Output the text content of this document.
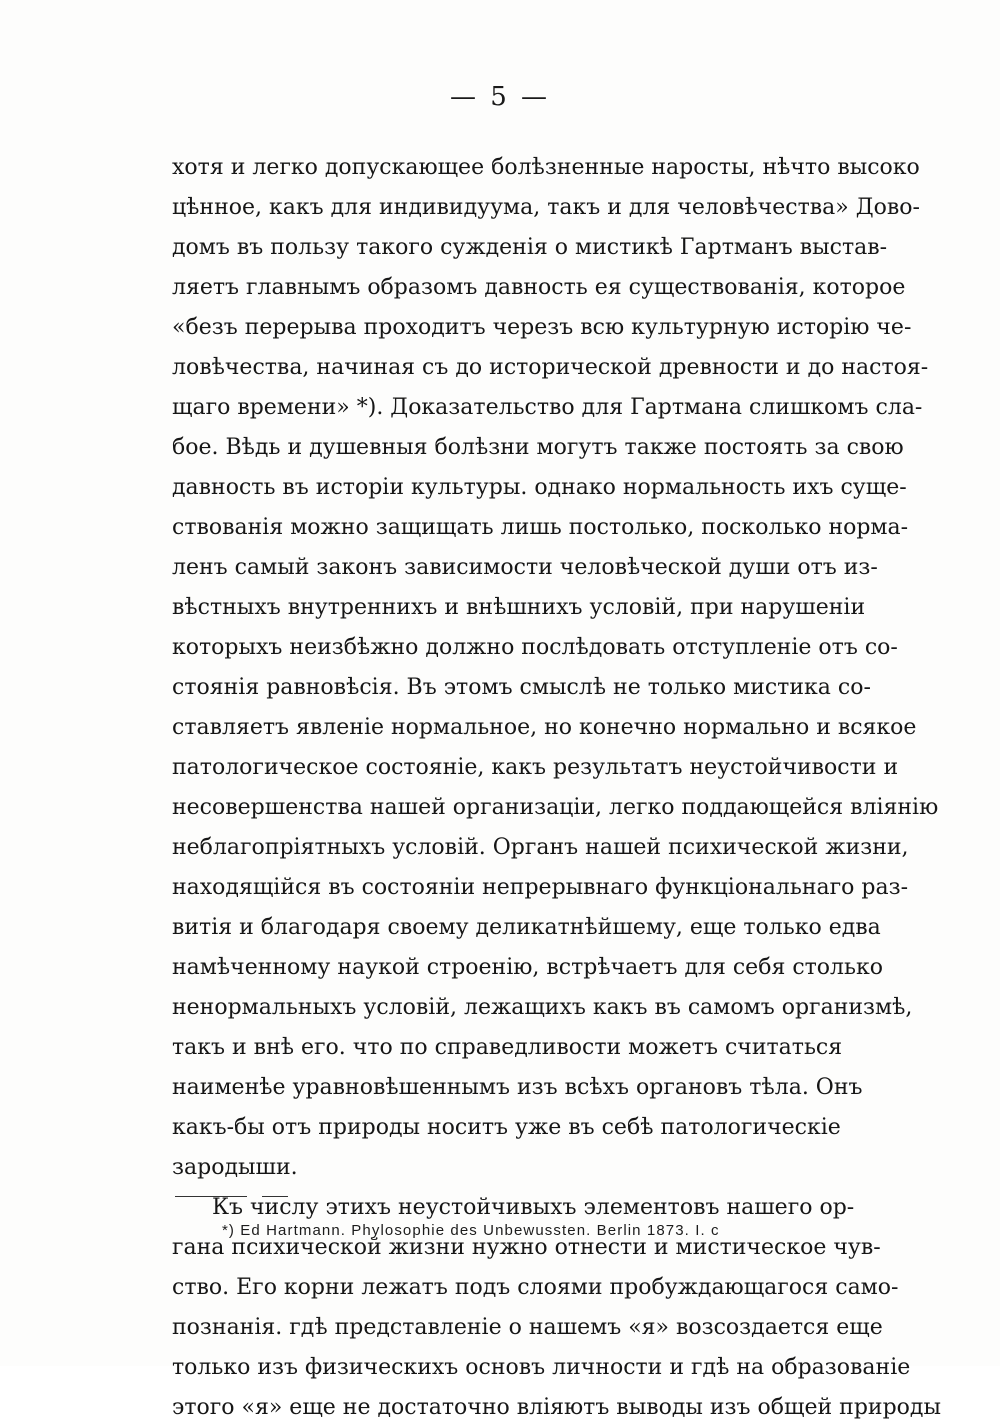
— 5 —
хотя и легко допускающее болѣзненные наросты, нѣчто высоко
цѣнное, какъ для индивидуума, такъ и для человѣчества» Дово-
домъ въ пользу такого сужденія о мистикѣ Гартманъ выстав-
ляетъ главнымъ образомъ давность ея существованія, которое
«безъ перерыва проходитъ черезъ всю культурную исторію че-
ловѣчества, начиная съ до исторической древности и до настоя-
щаго времени» *). Доказательство для Гартмана слишкомъ сла-
бое. Вѣдь и душевныя болѣзни могутъ также постоять за свою
давность въ исторіи культуры. однако нормальность ихъ суще-
ствованія можно защищать лишь постолько, посколько нормa-
ленъ самый законъ зависимости человѣческой души отъ из-
вѣстныхъ внутреннихъ и внѣшнихъ условій, при нарушеніи
которыхъ неизбѣжно должно послѣдовать отступленіе отъ со-
стоянія равновѣсія. Въ этомъ смыслѣ не только мистика со-
ставляетъ явленіе нормальное, но конечно нормально и всякое
патологическое состояніе, какъ результатъ неустойчивости и
несовершенства нашей организаціи, легко поддающейся вліянію
неблагопріятныхъ условій. Органъ нашей психической жизни,
находящійся въ состояніи непрерывнаго функціональнаго раз-
витія и благодаря своему деликатнѣйшему, еще только едва
намѣченному наукой строенію, встрѣчаетъ для себя столько
ненормальныхъ условій, лежащихъ какъ въ самомъ организмѣ,
такъ и внѣ его. что по справедливости можетъ считаться
наименѣе уравновѣшеннымъ изъ всѣхъ органовъ тѣла. Онъ
какъ-бы отъ природы носитъ уже въ себѣ патологическіе
зародыши.
Къ числу этихъ неустойчивыхъ элементовъ нашего ор-
гана психической жизни нужно отнести и мистическое чув-
ство. Его корни лежатъ подъ слоями пробуждающагося само-
познанія. гдѣ представленіе о нашемъ «я» возсоздается еще
только изъ физическихъ основъ личности и гдѣ на образованіе
этого «я» еще не достаточно вліяютъ выводы изъ общей природы
*) Ed Hartmann. Phylosophie des Unbewussten. Berlin 1873. I. c
